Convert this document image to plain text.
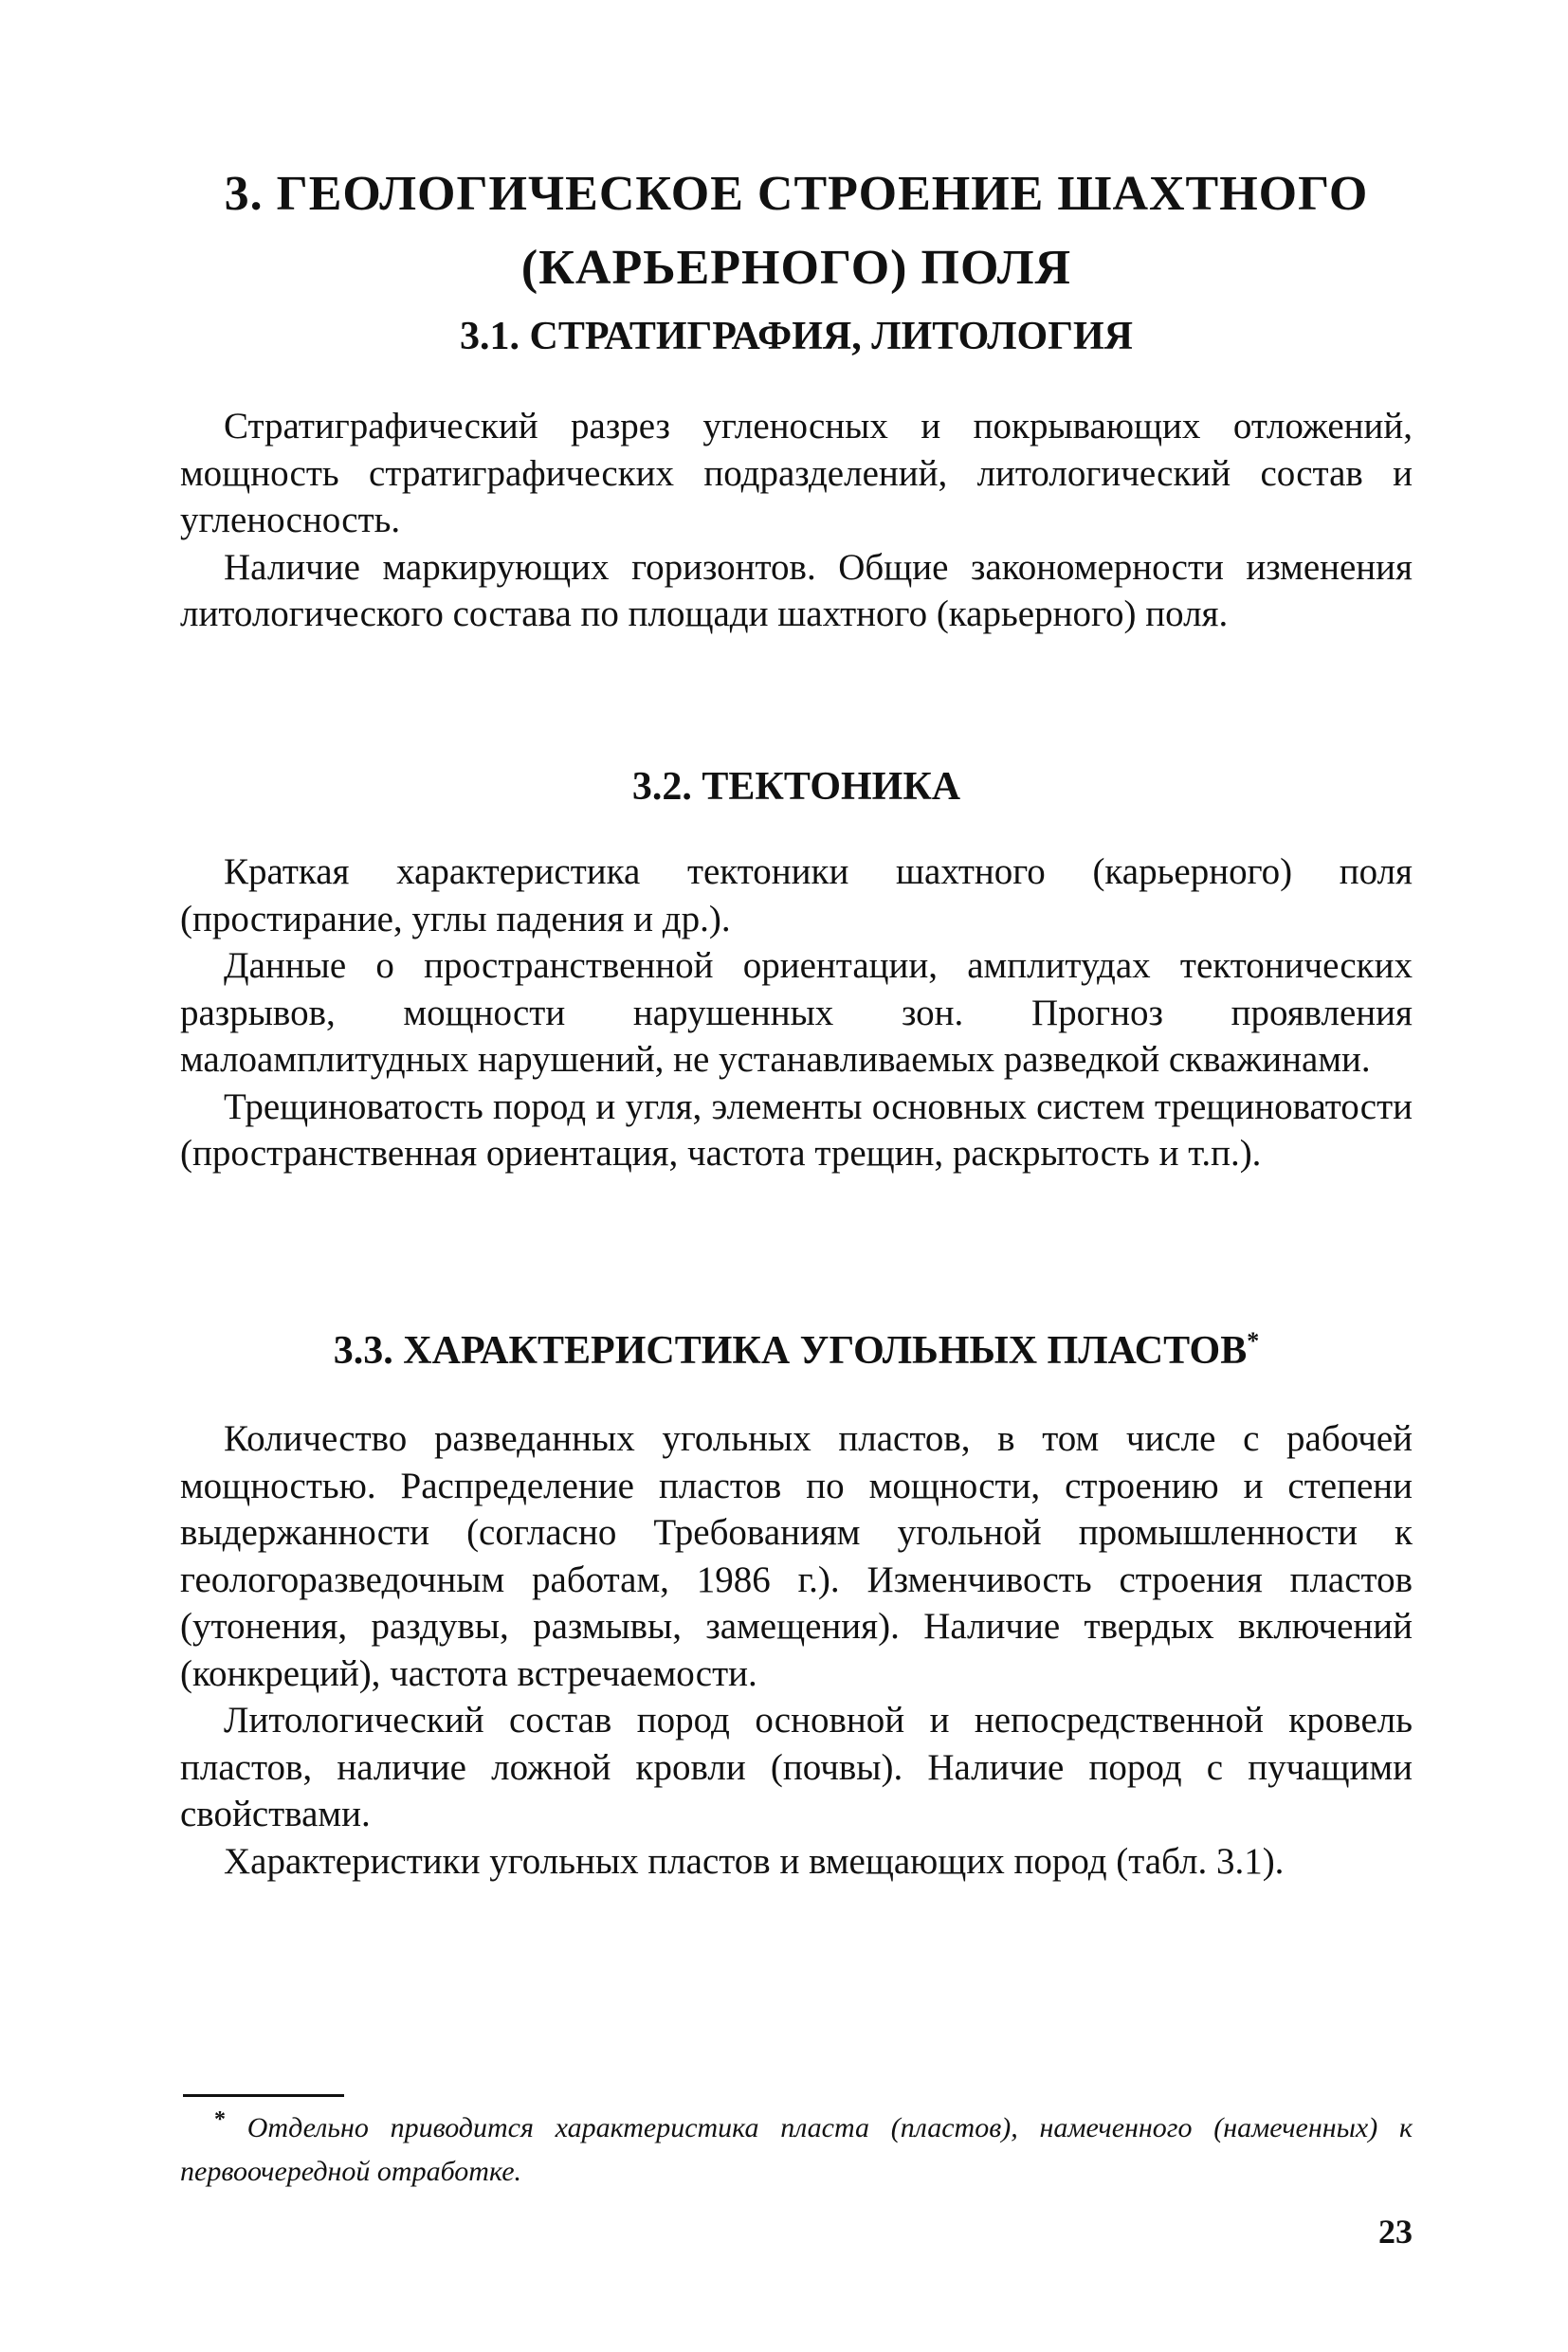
3. ГЕОЛОГИЧЕСКОЕ СТРОЕНИЕ ШАХТНОГО
(КАРЬЕРНОГО) ПОЛЯ
3.1. СТРАТИГРАФИЯ, ЛИТОЛОГИЯ

Стратиграфический разрез угленосных и покрывающих отложений, мощность стратиграфических подразделений, литологический состав и угленосность.

Наличие маркирующих горизонтов. Общие закономерности изменения литологического состава по площади шахтного (карьерного) поля.

3.2. ТЕКТОНИКА

Краткая характеристика тектоники шахтного (карьерного) поля (простирание, углы падения и др.).

Данные о пространственной ориентации, амплитудах тектонических разрывов, мощности нарушенных зон. Прогноз проявления малоамплитудных нарушений, не устанавливаемых разведкой скважинами.

Трещиноватость пород и угля, элементы основных систем трещиноватости (пространственная ориентация, частота трещин, раскрытость и т.п.).

3.3. ХАРАКТЕРИСТИКА УГОЛЬНЫХ ПЛАСТОВ*

Количество разведанных угольных пластов, в том числе с рабочей мощностью. Распределение пластов по мощности, строению и степени выдержанности (согласно Требованиям угольной промышленности к геологоразведочным работам, 1986 г.). Изменчивость строения пластов (утонения, раздувы, размывы, замещения). Наличие твердых включений (конкреций), частота встречаемости.

Литологический состав пород основной и непосредственной кровель пластов, наличие ложной кровли (почвы). Наличие пород с пучащими свойствами.

Характеристики угольных пластов и вмещающих пород (табл. 3.1).

* Отдельно приводится характеристика пласта (пластов), намеченного (намеченных) к первоочередной отработке.

23
